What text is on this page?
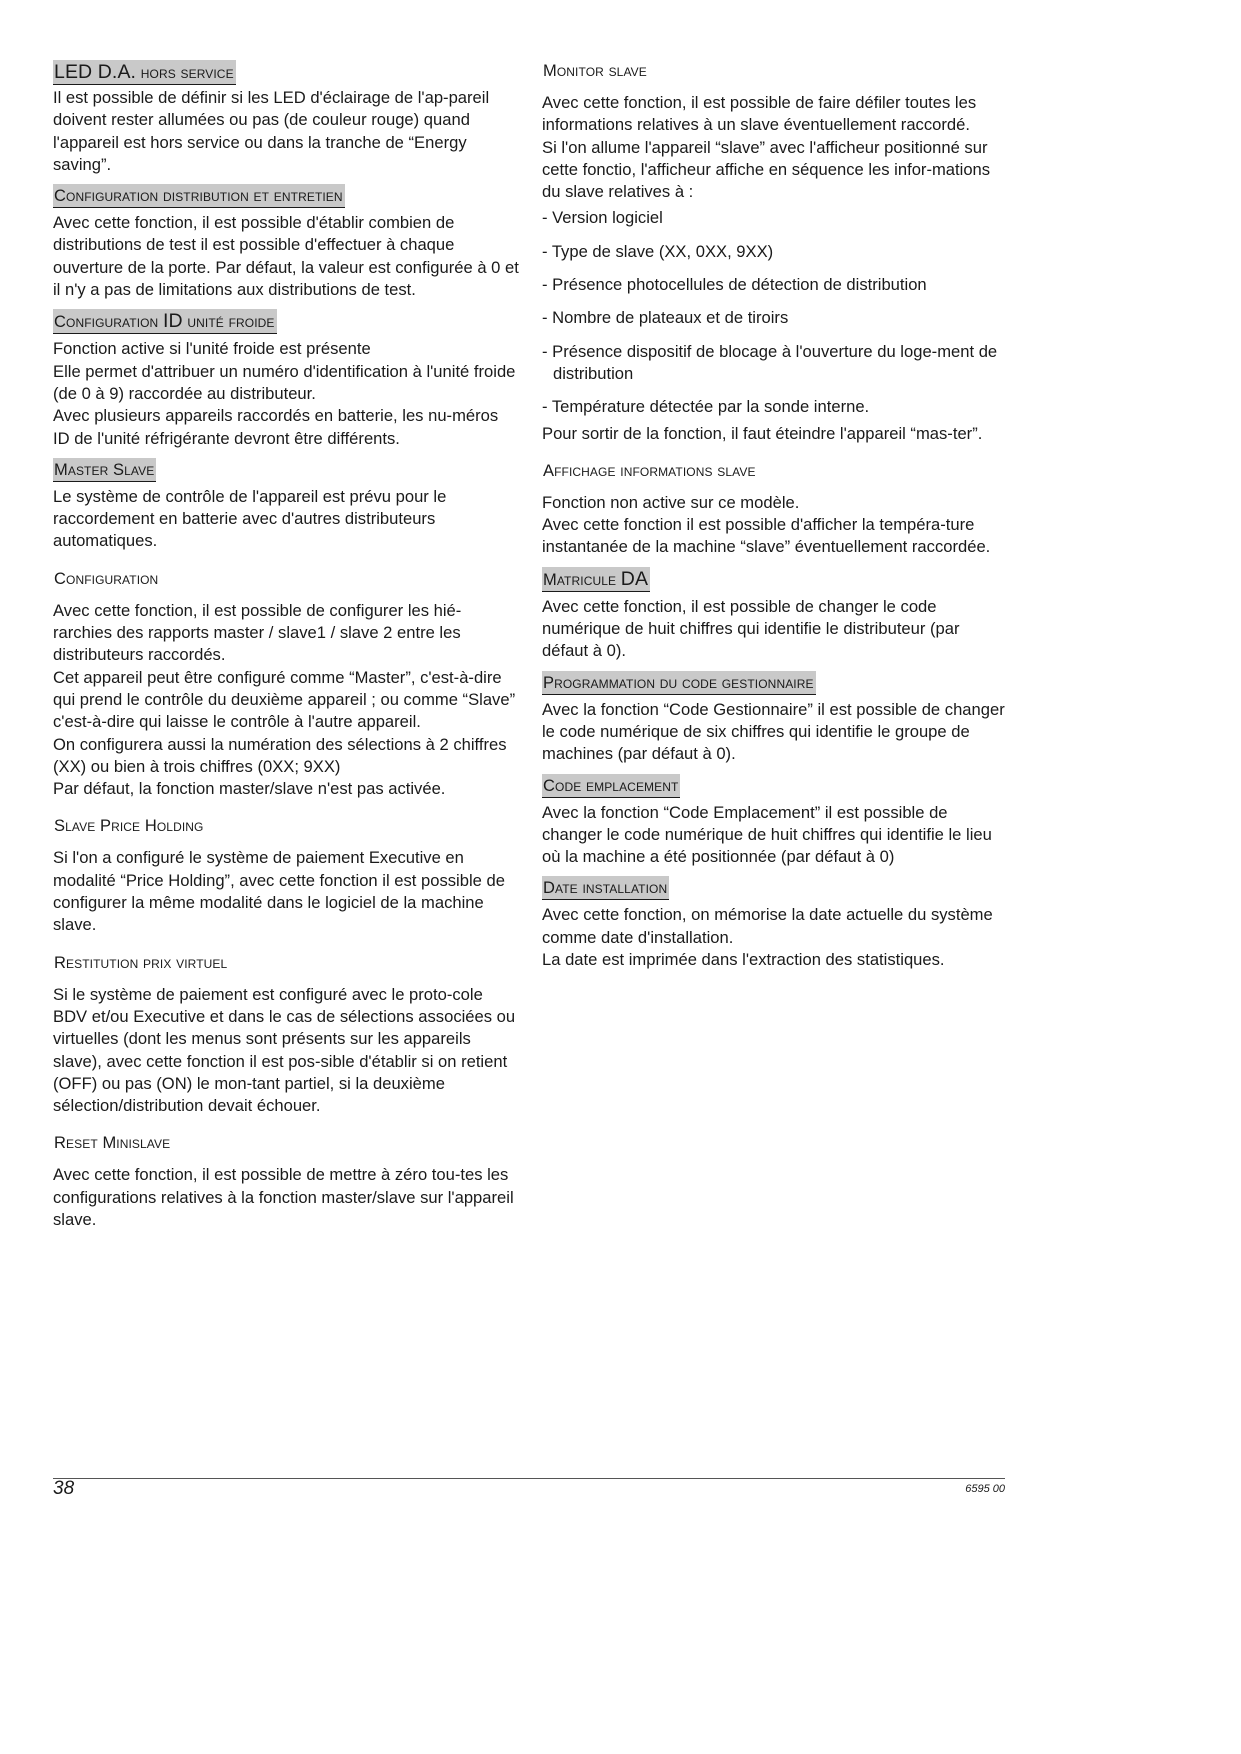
LED D.A. hors service

Il est possible de définir si les LED d'éclairage de l'ap-pareil doivent rester allumées ou pas (de couleur rouge) quand l'appareil est hors service ou dans la tranche de “Energy saving”.

Configuration distribution et entretien

Avec cette fonction, il est possible d'établir combien de distributions de test il est possible d'effectuer à chaque ouverture de la porte. Par défaut, la valeur est configurée à 0 et il n'y a pas de limitations aux distributions de test.

Configuration ID unité froide

Fonction active si l'unité froide est présente

Elle permet d'attribuer un numéro d'identification à l'unité froide (de 0 à 9) raccordée au distributeur.

Avec plusieurs appareils raccordés en batterie, les nu-méros ID de l'unité réfrigérante devront être différents.

Master Slave

Le système de contrôle de l'appareil est prévu pour le raccordement en batterie avec d'autres distributeurs automatiques.

Configuration

Avec cette fonction, il est possible de configurer les hié-rarchies des rapports master / slave1 / slave 2 entre les distributeurs raccordés.

Cet appareil peut être configuré comme “Master”, c'est-à-dire qui prend le contrôle du deuxième appareil ; ou comme “Slave” c'est-à-dire qui laisse le contrôle à l'autre appareil.

On configurera aussi la numération des sélections à 2 chiffres (XX) ou bien à trois chiffres (0XX; 9XX)

Par défaut, la fonction master/slave n'est pas activée.

Slave Price Holding

Si l'on a configuré le système de paiement Executive en modalité “Price Holding”, avec cette fonction il est possible de configurer la même modalité dans le logiciel de la machine slave.

Restitution prix virtuel

Si le système de paiement est configuré avec le proto-cole BDV et/ou Executive et dans le cas de sélections associées ou virtuelles (dont les menus sont présents sur les appareils slave), avec cette fonction il est pos-sible d'établir si on retient (OFF) ou pas (ON) le mon-tant partiel, si la deuxième sélection/distribution devait échouer.

Reset Minislave

Avec cette fonction, il est possible de mettre à zéro tou-tes les configurations relatives à la fonction master/slave sur l'appareil slave.

Monitor slave

Avec cette fonction, il est possible de faire défiler toutes les informations relatives à un slave éventuellement raccordé.

Si l'on allume l'appareil “slave” avec l'afficheur positionné sur cette fonctio, l'afficheur affiche en séquence les infor-mations du slave relatives à :

- Version logiciel
- Type de slave (XX, 0XX, 9XX)
- Présence photocellules de détection de distribution
- Nombre de plateaux et de tiroirs
- Présence dispositif de blocage à l'ouverture du loge-ment de distribution
- Température détectée par la sonde interne.

Pour sortir de la fonction, il faut éteindre l'appareil “mas-ter”.

Affichage informations slave

Fonction non active sur ce modèle.

Avec cette fonction il est possible d'afficher la tempéra-ture instantanée de la machine “slave” éventuellement raccordée.

Matricule DA

Avec cette fonction, il est possible de changer le code numérique de huit chiffres qui identifie le distributeur (par défaut à 0).

Programmation du code gestionnaire

Avec la fonction “Code Gestionnaire” il est possible de changer le code numérique de six chiffres qui identifie le groupe de machines (par défaut à 0).

Code emplacement

Avec la fonction “Code Emplacement” il est possible de changer le code numérique de huit chiffres qui identifie le lieu où la machine a été positionnée (par défaut à 0)

Date installation

Avec cette fonction, on mémorise la date actuelle du système comme date d'installation.

La date est imprimée dans l'extraction des statistiques.

38	6595 00
